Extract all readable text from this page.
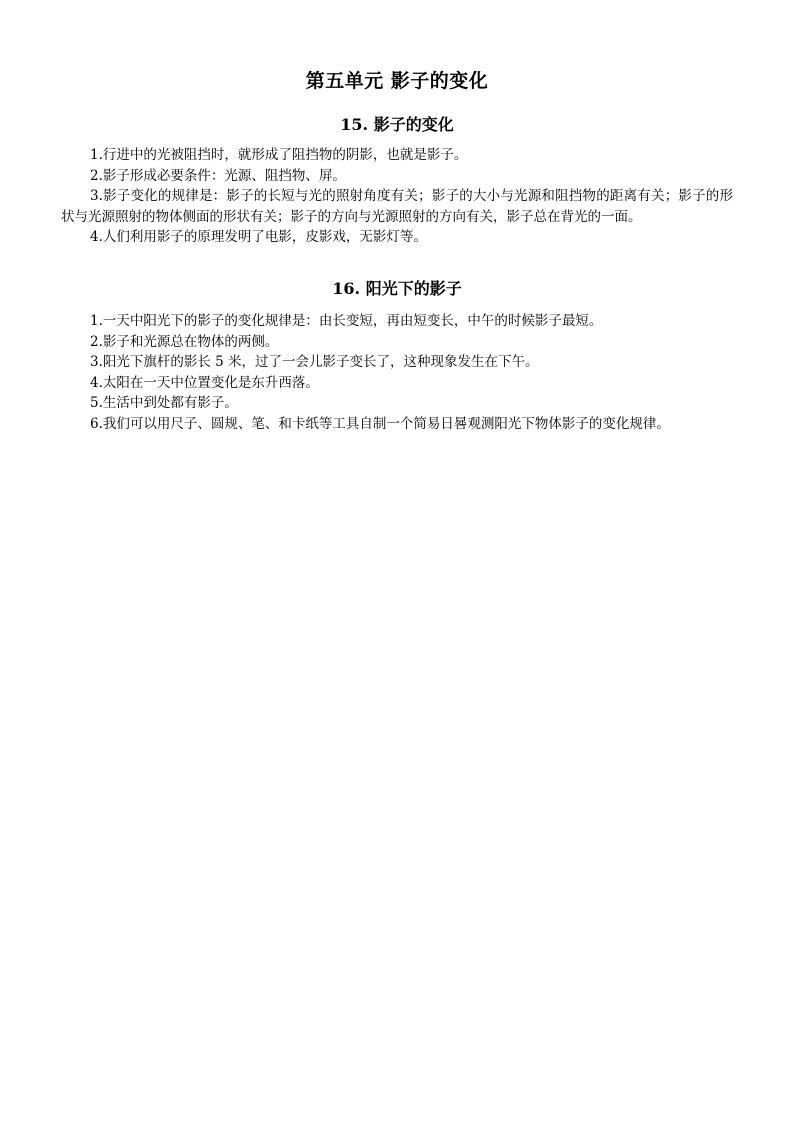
第五单元 影子的变化
15. 影子的变化

1.行进中的光被阻挡时，就形成了阻挡物的阴影，也就是影子。

2.影子形成必要条件：光源、阻挡物、屏。

3.影子变化的规律是：影子的长短与光的照射角度有关；影子的大小与光源和阻挡物的距离有关；影子的形状与光源照射的物体侧面的形状有关；影子的方向与光源照射的方向有关，影子总在背光的一面。

4.人们利用影子的原理发明了电影，皮影戏，无影灯等。

16. 阳光下的影子

1.一天中阳光下的影子的变化规律是：由长变短，再由短变长，中午的时候影子最短。

2.影子和光源总在物体的两侧。

3.阳光下旗杆的影长 5 米，过了一会儿影子变长了，这种现象发生在下午。

4.太阳在一天中位置变化是东升西落。

5.生活中到处都有影子。

6.我们可以用尺子、圆规、笔、和卡纸等工具自制一个简易日晷观测阳光下物体影子的变化规律。
